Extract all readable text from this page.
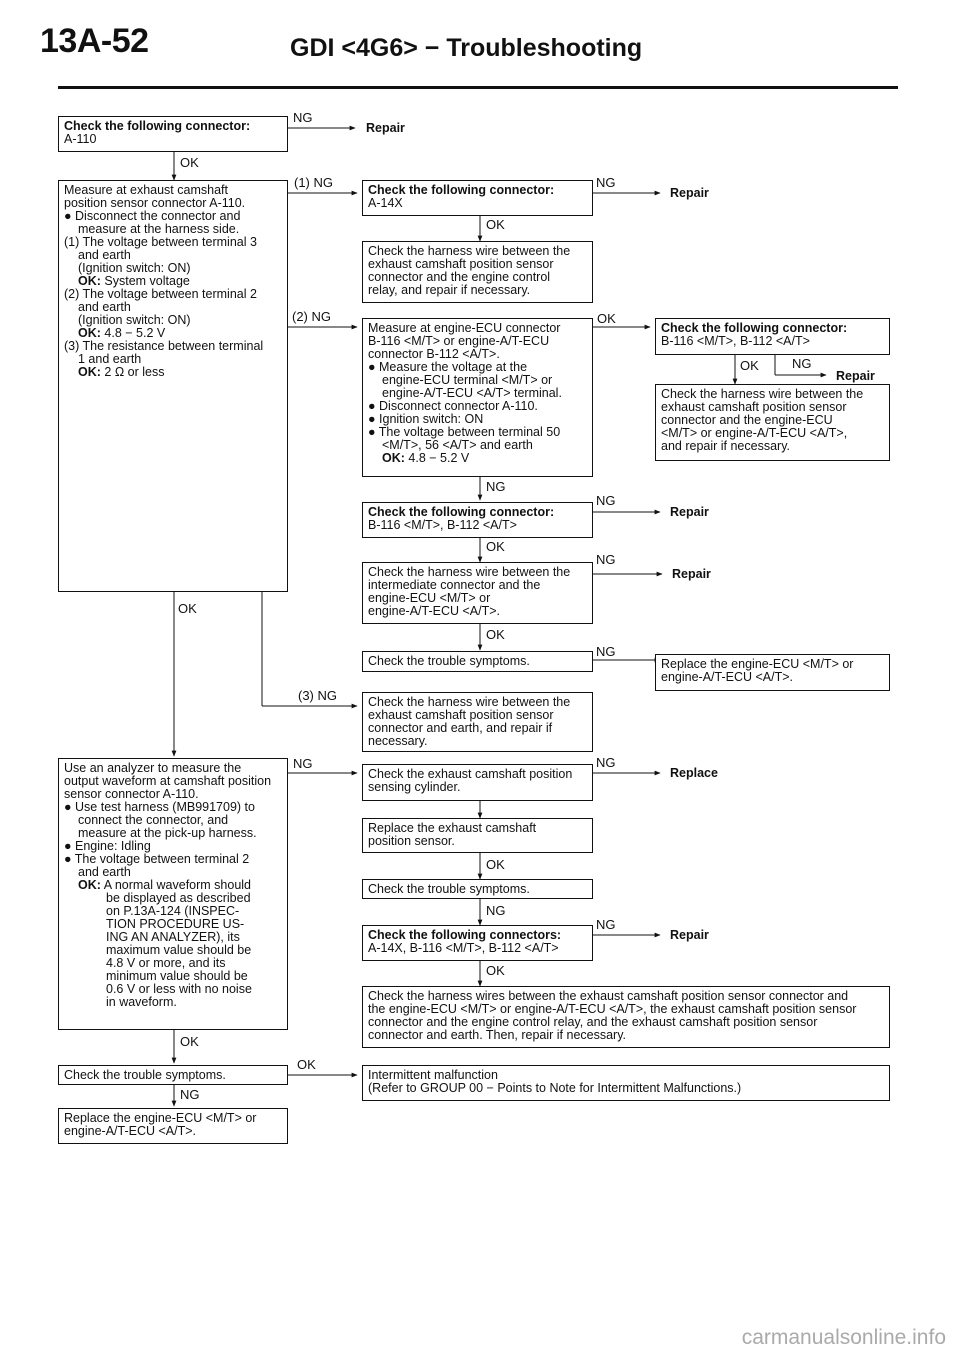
13A-52	GDI <4G6> − Troubleshooting
Check the following connector:
A-110
Measure at exhaust camshaft
position sensor connector A-110.
● Disconnect the connector and
measure at the harness side.
(1) The voltage between terminal 3
and earth
(Ignition switch: ON)
OK: System voltage
(2) The voltage between terminal 2
and earth
(Ignition switch: ON)
OK: 4.8 − 5.2 V
(3) The resistance between terminal
1 and earth
OK: 2 Ω or less
Check the following connector:
A-14X
Check the harness wire between the
exhaust camshaft position sensor
connector and the engine control
relay, and repair if necessary.
Measure at engine-ECU connector
B-116 <M/T> or engine-A/T-ECU
connector B-112 <A/T>.
● Measure the voltage at the
engine-ECU terminal <M/T> or
engine-A/T-ECU <A/T> terminal.
● Disconnect connector A-110.
● Ignition switch: ON
● The voltage between terminal 50
<M/T>, 56 <A/T> and earth
OK: 4.8 − 5.2 V
Check the following connector:
B-116 <M/T>, B-112 <A/T>
Check the harness wire between the
exhaust camshaft position sensor
connector and the engine-ECU
<M/T> or engine-A/T-ECU <A/T>,
and repair if necessary.
Check the following connector:
B-116 <M/T>, B-112 <A/T>
Check the harness wire between the
intermediate connector and the
engine-ECU <M/T> or
engine-A/T-ECU <A/T>.
Check the trouble symptoms.	Replace the engine-ECU <M/T> or
engine-A/T-ECU <A/T>.
Check the harness wire between the
exhaust camshaft position sensor
connector and earth, and repair if
necessary.
Use an analyzer to measure the
output waveform at camshaft position
sensor connector A-110.
● Use test harness (MB991709) to
connect the connector, and
measure at the pick-up harness.
● Engine: Idling
● The voltage between terminal 2
and earth
OK: A normal waveform should
be displayed as described
on P.13A-124 (INSPEC-
TION PROCEDURE US-
ING AN ANALYZER), its
maximum value should be
4.8 V or more, and its
minimum value should be
0.6 V or less with no noise
in waveform.
Check the exhaust camshaft position
sensing cylinder.
Replace the exhaust camshaft
position sensor.
Check the trouble symptoms.
Check the following connectors:
A-14X, B-116 <M/T>, B-112 <A/T>
Check the harness wires between the exhaust camshaft position sensor connector and
the engine-ECU <M/T> or engine-A/T-ECU <A/T>, the exhaust camshaft position sensor
connector and the engine control relay, and the exhaust camshaft position sensor
connector and earth. Then, repair if necessary.
Check the trouble symptoms.	Intermittent malfunction
(Refer to GROUP 00 − Points to Note for Intermittent Malfunctions.)
Replace the engine-ECU <M/T> or
engine-A/T-ECU <A/T>.
NG
OK
(1) NG	NG
OK
(2) NG	OK
OK	NG
NG
NG
OK
NG
OK
OK
NG
(3) NG
NG	NG
OK
NG
NG
OK
OK
OK
NG
Repair
Repair
Repair
Repair
Repair
Replace
Repair
carmanualsonline.info
